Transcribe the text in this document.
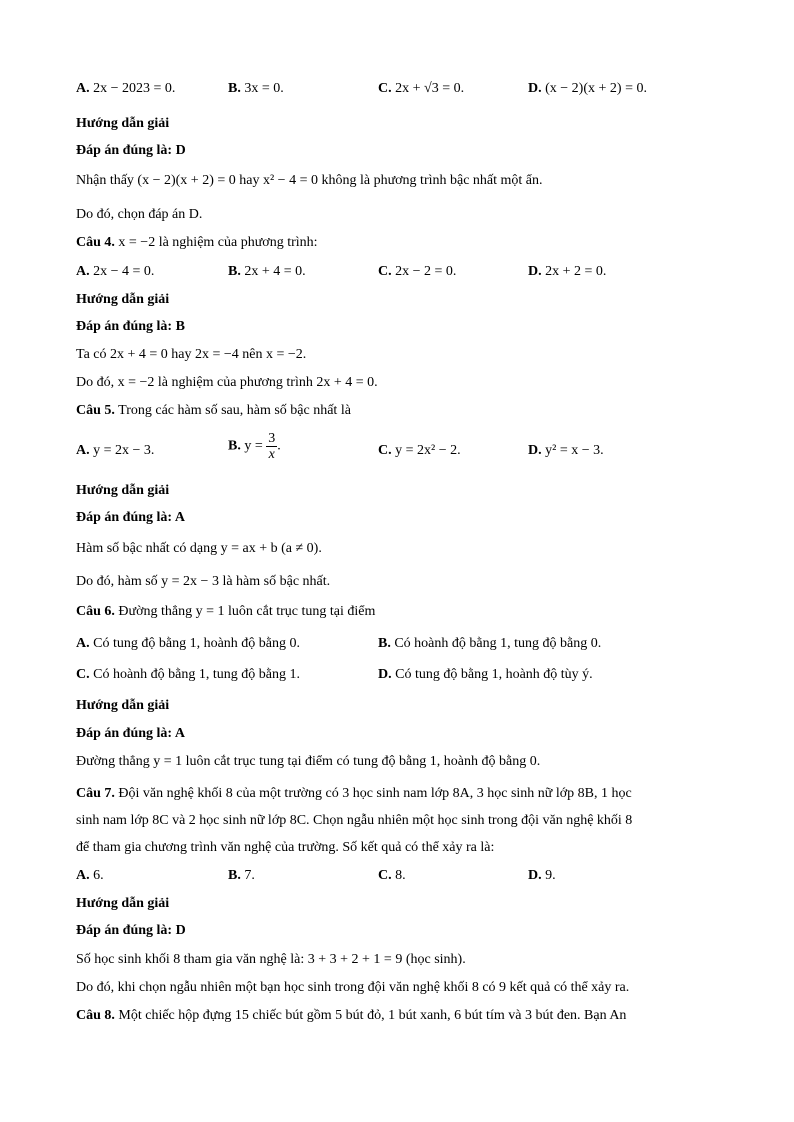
A. 2x − 2023 = 0.	B. 3x = 0.	C. 2x + √3 = 0.	D. (x − 2)(x + 2) = 0.
Hướng dẫn giải
Đáp án đúng là: D
Nhận thấy (x − 2)(x + 2) = 0 hay x² − 4 = 0 không là phương trình bậc nhất một ẩn.
Do đó, chọn đáp án D.
Câu 4. x = −2 là nghiệm của phương trình:
A. 2x − 4 = 0.	B. 2x + 4 = 0.	C. 2x − 2 = 0.	D. 2x + 2 = 0.
Hướng dẫn giải
Đáp án đúng là: B
Ta có 2x + 4 = 0 hay 2x = −4 nên x = −2.
Do đó, x = −2 là nghiệm của phương trình 2x + 4 = 0.
Câu 5. Trong các hàm số sau, hàm số bậc nhất là
A. y = 2x − 3.	B. $y = \frac{3}{x}$ .	C. y = 2x² − 2.	D. y² = x − 3.
Hướng dẫn giải
Đáp án đúng là: A
Hàm số bậc nhất có dạng y = ax + b (a ≠ 0).
Do đó, hàm số y = 2x − 3 là hàm số bậc nhất.
Câu 6. Đường thẳng y = 1 luôn cắt trục tung tại điểm
A. Có tung độ bằng 1, hoành độ bằng 0.	B. Có hoành độ bằng 1, tung độ bằng 0.
C. Có hoành độ bằng 1, tung độ bằng 1.	D. Có tung độ bằng 1, hoành độ tùy ý.
Hướng dẫn giải
Đáp án đúng là: A
Đường thẳng y = 1 luôn cắt trục tung tại điểm có tung độ bằng 1, hoành độ bằng 0.
Câu 7. Đội văn nghệ khối 8 của một trường có 3 học sinh nam lớp 8A, 3 học sinh nữ lớp 8B, 1 học
sinh nam lớp 8C và 2 học sinh nữ lớp 8C. Chọn ngẫu nhiên một học sinh trong đội văn nghệ khối 8
để tham gia chương trình văn nghệ của trường. Số kết quả có thể xảy ra là:
A. 6.	B. 7.	C. 8.	D. 9.
Hướng dẫn giải
Đáp án đúng là: D
Số học sinh khối 8 tham gia văn nghệ là: 3 + 3 + 2 + 1 = 9 (học sinh).
Do đó, khi chọn ngẫu nhiên một bạn học sinh trong đội văn nghệ khối 8 có 9 kết quả có thể xảy ra.
Câu 8. Một chiếc hộp đựng 15 chiếc bút gồm 5 bút đỏ, 1 bút xanh, 6 bút tím và 3 bút đen. Bạn An
